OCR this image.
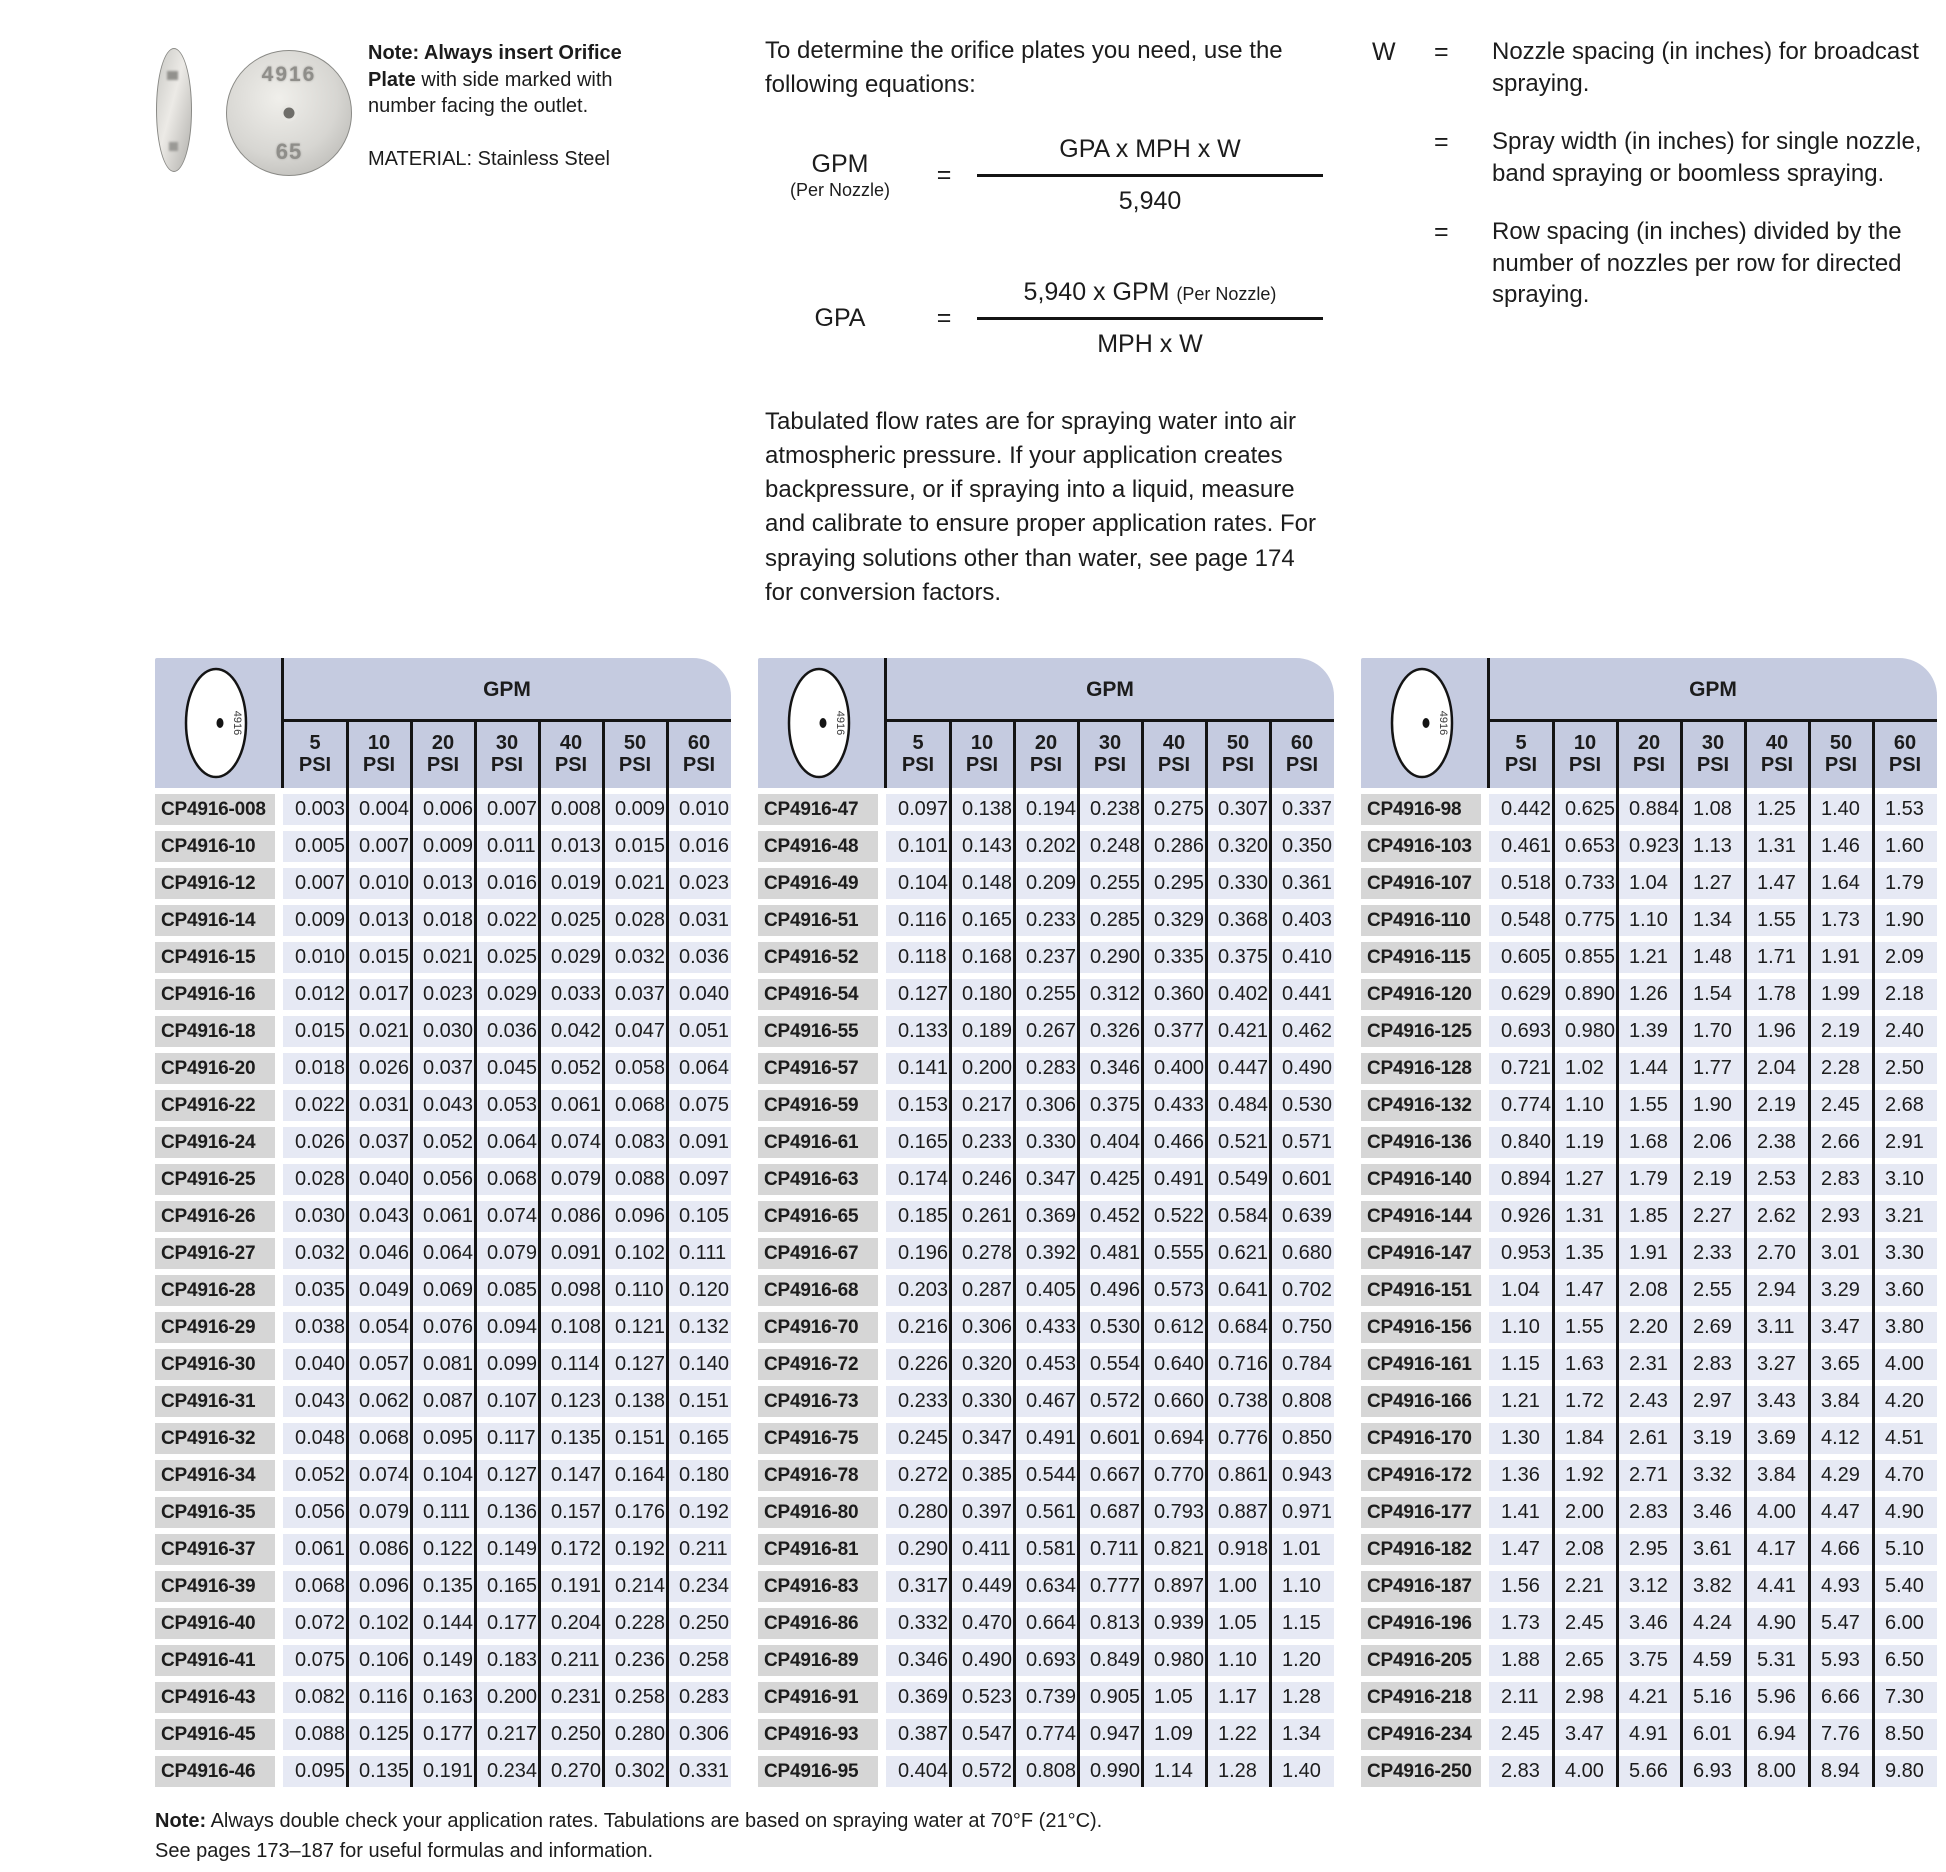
4916
65
Note: Always insert Orifice Plate with side marked with number facing the outlet.
MATERIAL: Stainless Steel
To determine the orifice plates you need, use the following equations:
GPM
(Per Nozzle)
= $\frac{\text{GPA x MPH x W}}{5,940}$
GPA	= $\frac{\text{5,940 x GPM (Per Nozzle)}}{\text{MPH x W}}$
Tabulated flow rates are for spraying water into air atmospheric pressure. If your application creates backpressure, or if spraying into a liquid, measure and calibrate to ensure proper application rates. For spraying solutions other than water, see page 174 for conversion factors.
W	=	Nozzle spacing (in inches) for broadcast spraying.
=	Spray width (in inches) for single nozzle, band spraying or boomless spraying.
=	Row spacing (in inches) divided by the number of nozzles per row for directed spraying.
4916
GPM
5
PSI
10
PSI
20
PSI
30
PSI
40
PSI
50
PSI
60
PSI
CP4916-008	0.003 0.004 0.006 0.007 0.008 0.009 0.010
CP4916-10	0.005 0.007 0.009 0.011 0.013 0.015 0.016
CP4916-12	0.007 0.010 0.013 0.016 0.019 0.021 0.023
CP4916-14	0.009 0.013 0.018 0.022 0.025 0.028 0.031
CP4916-15	0.010 0.015 0.021 0.025 0.029 0.032 0.036
CP4916-16	0.012 0.017 0.023 0.029 0.033 0.037 0.040
CP4916-18	0.015 0.021 0.030 0.036 0.042 0.047 0.051
CP4916-20	0.018 0.026 0.037 0.045 0.052 0.058 0.064
CP4916-22	0.022 0.031 0.043 0.053 0.061 0.068 0.075
CP4916-24	0.026 0.037 0.052 0.064 0.074 0.083 0.091
CP4916-25	0.028 0.040 0.056 0.068 0.079 0.088 0.097
CP4916-26	0.030 0.043 0.061 0.074 0.086 0.096 0.105
CP4916-27	0.032 0.046 0.064 0.079 0.091 0.102 0.111
CP4916-28	0.035 0.049 0.069 0.085 0.098 0.110 0.120
CP4916-29	0.038 0.054 0.076 0.094 0.108 0.121 0.132
CP4916-30	0.040 0.057 0.081 0.099 0.114 0.127 0.140
CP4916-31	0.043 0.062 0.087 0.107 0.123 0.138 0.151
CP4916-32	0.048 0.068 0.095 0.117 0.135 0.151 0.165
CP4916-34	0.052 0.074 0.104 0.127 0.147 0.164 0.180
CP4916-35	0.056 0.079 0.111 0.136 0.157 0.176 0.192
CP4916-37	0.061 0.086 0.122 0.149 0.172 0.192 0.211
CP4916-39	0.068 0.096 0.135 0.165 0.191 0.214 0.234
CP4916-40	0.072 0.102 0.144 0.177 0.204 0.228 0.250
CP4916-41	0.075 0.106 0.149 0.183 0.211 0.236 0.258
CP4916-43	0.082 0.116 0.163 0.200 0.231 0.258 0.283
CP4916-45	0.088 0.125 0.177 0.217 0.250 0.280 0.306
CP4916-46	0.095 0.135 0.191 0.234 0.270 0.302 0.331
4916
GPM
5
PSI
10
PSI
20
PSI
30
PSI
40
PSI
50
PSI
60
PSI
CP4916-47	0.097 0.138 0.194 0.238 0.275 0.307 0.337
CP4916-48	0.101 0.143 0.202 0.248 0.286 0.320 0.350
CP4916-49	0.104 0.148 0.209 0.255 0.295 0.330 0.361
CP4916-51	0.116 0.165 0.233 0.285 0.329 0.368 0.403
CP4916-52	0.118 0.168 0.237 0.290 0.335 0.375 0.410
CP4916-54	0.127 0.180 0.255 0.312 0.360 0.402 0.441
CP4916-55	0.133 0.189 0.267 0.326 0.377 0.421 0.462
CP4916-57	0.141 0.200 0.283 0.346 0.400 0.447 0.490
CP4916-59	0.153 0.217 0.306 0.375 0.433 0.484 0.530
CP4916-61	0.165 0.233 0.330 0.404 0.466 0.521 0.571
CP4916-63	0.174 0.246 0.347 0.425 0.491 0.549 0.601
CP4916-65	0.185 0.261 0.369 0.452 0.522 0.584 0.639
CP4916-67	0.196 0.278 0.392 0.481 0.555 0.621 0.680
CP4916-68	0.203 0.287 0.405 0.496 0.573 0.641 0.702
CP4916-70	0.216 0.306 0.433 0.530 0.612 0.684 0.750
CP4916-72	0.226 0.320 0.453 0.554 0.640 0.716 0.784
CP4916-73	0.233 0.330 0.467 0.572 0.660 0.738 0.808
CP4916-75	0.245 0.347 0.491 0.601 0.694 0.776 0.850
CP4916-78	0.272 0.385 0.544 0.667 0.770 0.861 0.943
CP4916-80	0.280 0.397 0.561 0.687 0.793 0.887 0.971
CP4916-81	0.290 0.411 0.581 0.711 0.821 0.918 1.01
CP4916-83	0.317 0.449 0.634 0.777 0.897 1.00	1.10
CP4916-86	0.332 0.470 0.664 0.813 0.939 1.05	1.15
CP4916-89	0.346 0.490 0.693 0.849 0.980 1.10	1.20
CP4916-91	0.369 0.523 0.739 0.905 1.05	1.17	1.28
CP4916-93	0.387 0.547 0.774 0.947 1.09	1.22	1.34
CP4916-95	0.404 0.572 0.808 0.990 1.14	1.28	1.40
4916
GPM
5
PSI
10
PSI
20
PSI
30
PSI
40
PSI
50
PSI
60
PSI
CP4916-98	0.442 0.625 0.884 1.08	1.25	1.40	1.53
CP4916-103	0.461 0.653 0.923 1.13	1.31	1.46	1.60
CP4916-107	0.518 0.733 1.04	1.27	1.47	1.64	1.79
CP4916-110	0.548 0.775 1.10	1.34	1.55	1.73	1.90
CP4916-115	0.605 0.855 1.21	1.48	1.71	1.91	2.09
CP4916-120	0.629 0.890 1.26	1.54	1.78	1.99	2.18
CP4916-125	0.693 0.980 1.39	1.70	1.96	2.19	2.40
CP4916-128	0.721 1.02	1.44	1.77	2.04	2.28	2.50
CP4916-132	0.774 1.10	1.55	1.90	2.19	2.45	2.68
CP4916-136	0.840 1.19	1.68	2.06	2.38	2.66	2.91
CP4916-140	0.894 1.27	1.79	2.19	2.53	2.83	3.10
CP4916-144	0.926 1.31	1.85	2.27	2.62	2.93	3.21
CP4916-147	0.953 1.35	1.91	2.33	2.70	3.01	3.30
CP4916-151	1.04	1.47	2.08	2.55	2.94	3.29	3.60
CP4916-156	1.10	1.55	2.20	2.69	3.11	3.47	3.80
CP4916-161	1.15	1.63	2.31	2.83	3.27	3.65	4.00
CP4916-166	1.21	1.72	2.43	2.97	3.43	3.84	4.20
CP4916-170	1.30	1.84	2.61	3.19	3.69	4.12	4.51
CP4916-172	1.36	1.92	2.71	3.32	3.84	4.29	4.70
CP4916-177	1.41	2.00	2.83	3.46	4.00	4.47	4.90
CP4916-182	1.47	2.08	2.95	3.61	4.17	4.66	5.10
CP4916-187	1.56	2.21	3.12	3.82	4.41	4.93	5.40
CP4916-196	1.73	2.45	3.46	4.24	4.90	5.47	6.00
CP4916-205	1.88	2.65	3.75	4.59	5.31	5.93	6.50
CP4916-218	2.11	2.98	4.21	5.16	5.96	6.66	7.30
CP4916-234	2.45	3.47	4.91	6.01	6.94	7.76	8.50
CP4916-250	2.83	4.00	5.66	6.93	8.00	8.94	9.80
Note: Always double check your application rates. Tabulations are based on spraying water at 70°F (21°C).
See pages 173–187 for useful formulas and information.
